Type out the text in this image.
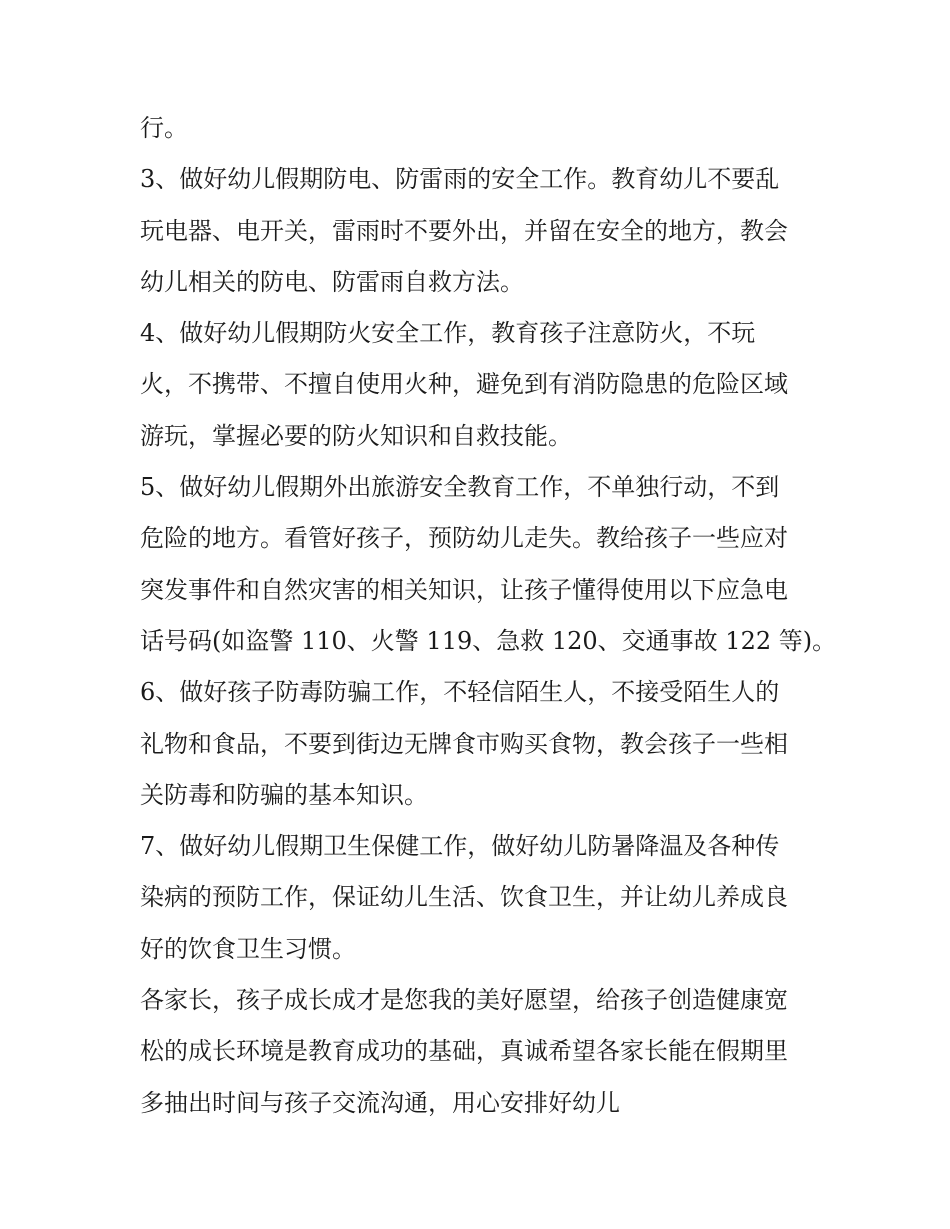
行。
3、做好幼儿假期防电、防雷雨的安全工作。教育幼儿不要乱
玩电器、电开关，雷雨时不要外出，并留在安全的地方，教会
幼儿相关的防电、防雷雨自救方法。
4、做好幼儿假期防火安全工作，教育孩子注意防火，不玩
火，不携带、不擅自使用火种，避免到有消防隐患的危险区域
游玩，掌握必要的防火知识和自救技能。
5、做好幼儿假期外出旅游安全教育工作，不单独行动，不到
危险的地方。看管好孩子，预防幼儿走失。教给孩子一些应对
突发事件和自然灾害的相关知识，让孩子懂得使用以下应急电
话号码(如盗警 110、火警 119、急救 120、交通事故 122 等)。
6、做好孩子防毒防骗工作，不轻信陌生人，不接受陌生人的
礼物和食品，不要到街边无牌食市购买食物，教会孩子一些相
关防毒和防骗的基本知识。
7、做好幼儿假期卫生保健工作，做好幼儿防暑降温及各种传
染病的预防工作，保证幼儿生活、饮食卫生，并让幼儿养成良
好的饮食卫生习惯。
各家长，孩子成长成才是您我的美好愿望，给孩子创造健康宽
松的成长环境是教育成功的基础，真诚希望各家长能在假期里
多抽出时间与孩子交流沟通，用心安排好幼儿
